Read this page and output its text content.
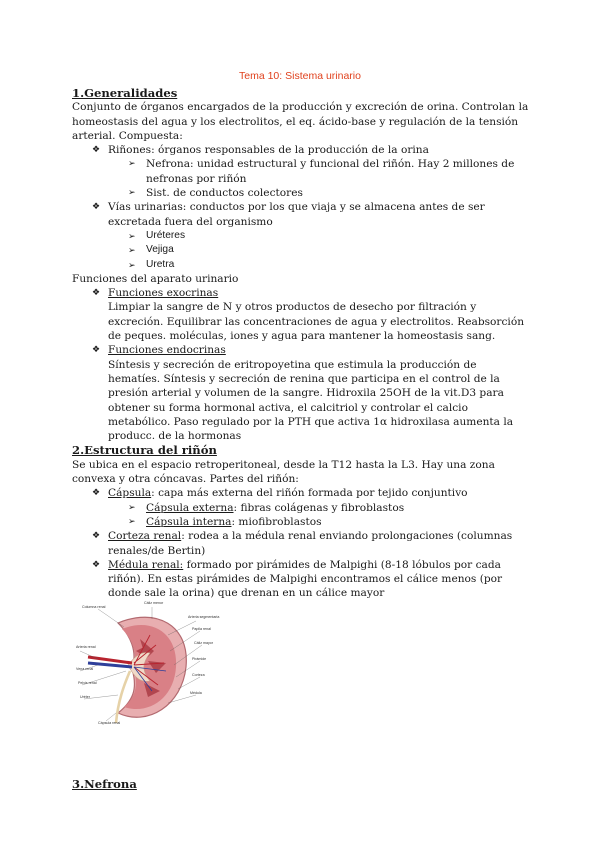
Tema 10: Sistema urinario

1.Generalidades

Conjunto de órganos encargados de la producción y excreción de orina. Controlan la homeostasis del agua y los electrolitos, el eq. ácido-base y regulación de la tensión arterial. Compuesta:

❖ Riñones: órganos responsables de la producción de la orina
➢ Nefrona: unidad estructural y funcional del riñón. Hay 2 millones de nefronas por riñón
➢ Sist. de conductos colectores
❖ Vías urinarias: conductos por los que viaja y se almacena antes de ser excretada fuera del organismo
➢ Uréteres
➢ Vejiga
➢ Uretra

Funciones del aparato urinario

❖ Funciones exocrinas

Limpiar la sangre de N y otros productos de desecho por filtración y excreción. Equilibrar las concentraciones de agua y electrolitos. Reabsorción de peques. moléculas, iones y agua para mantener la homeostasis sang.

❖ Funciones endocrinas

Síntesis y secreción de eritropoyetina que estimula la producción de hematíes. Síntesis y secreción de renina que participa en el control de la presión arterial y volumen de la sangre. Hidroxila 25OH de la vit.D3 para obtener su forma hormonal activa, el calcitriol y controlar el calcio metabólico. Paso regulado por la PTH que activa 1α hidroxilasa aumenta la producc. de la hormonas

2.Estructura del riñón

Se ubica en el espacio retroperitoneal, desde la T12 hasta la L3. Hay una zona convexa y otra cóncavas. Partes del riñón:

❖ Cápsula: capa más externa del riñón formada por tejido conjuntivo
➢ Cápsula externa: fibras colágenas y fibroblastos
➢ Cápsula interna: miofibroblastos
❖ Corteza renal: rodea a la médula renal enviando prolongaciones (columnas renales/de Bertin)
❖ Médula renal: formado por pirámides de Malpighi (8-18 lóbulos por cada riñón). En estas pirámides de Malpighi encontramos el cálice menos (por donde sale la orina) que drenan en un cálice mayor
Columna renal
Cáliz menor
Arteria segmentaria
Papila renal
Cáliz mayor
Arteria renal
Vena renal
Pelvis renal
Uréter
Pirámide
Corteza
Médula
Cápsula renal

3.Nefrona
